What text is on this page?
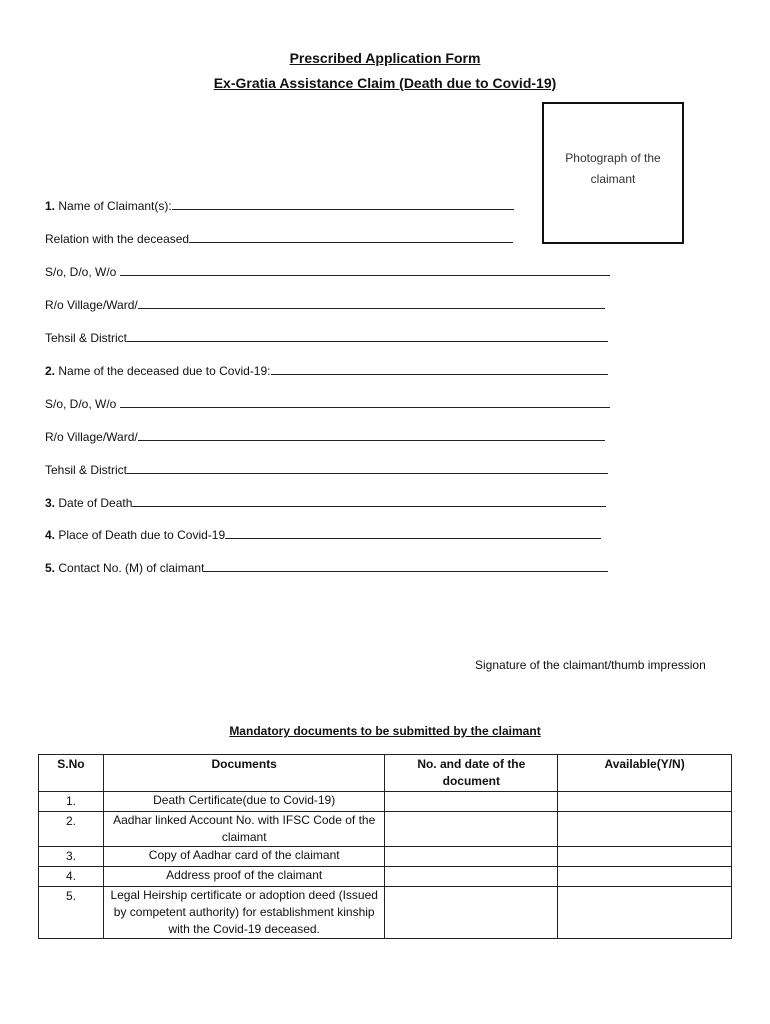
Prescribed Application Form
Ex-Gratia Assistance Claim (Death due to Covid-19)
Photograph of the
claimant
1. Name of Claimant(s):
Relation with the deceased
S/o, D/o, W/o
R/o Village/Ward/
Tehsil & District
2. Name of the deceased due to Covid-19:
S/o, D/o, W/o
R/o Village/Ward/
Tehsil & District
3. Date of Death
4. Place of Death due to Covid-19
5. Contact No. (M) of claimant
Signature of the claimant/thumb impression
Mandatory documents to be submitted by the claimant
S.No	Documents	No. and date of the document	Available(Y/N)
1.	Death Certificate(due to Covid-19)		
2.	Aadhar linked Account No. with IFSC Code of the claimant		
3.	Copy of Aadhar card of the claimant		
4.	Address proof of the claimant		
5.	Legal Heirship certificate or adoption deed (Issued by competent authority) for establishment kinship with the Covid-19 deceased.		
